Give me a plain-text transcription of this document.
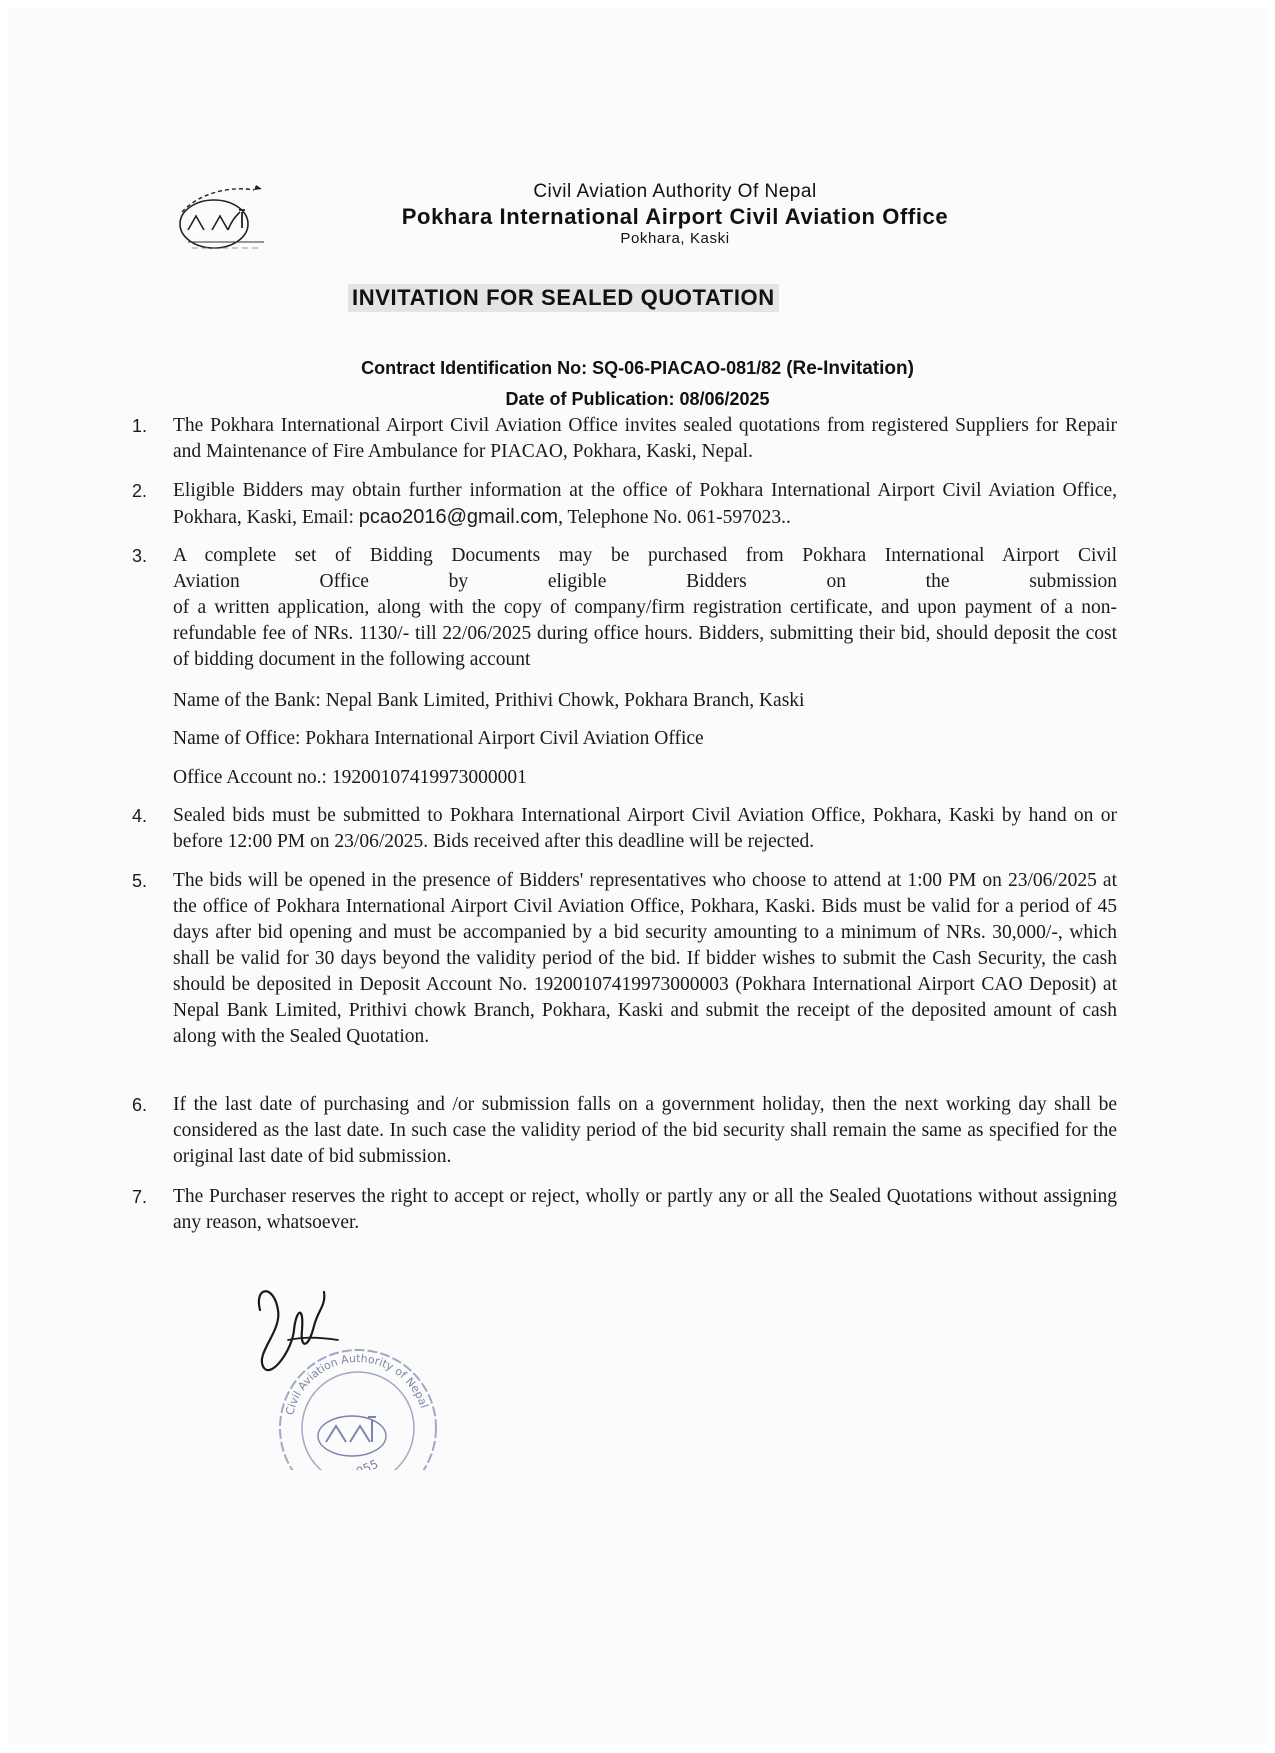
Civil Aviation Authority Of Nepal
Pokhara International Airport Civil Aviation Office
Pokhara, Kaski
INVITATION FOR SEALED QUOTATION
Contract Identification No: SQ-06-PIACAO-081/82 (Re-Invitation)
Date of Publication: 08/06/2025
1. The Pokhara International Airport Civil Aviation Office invites sealed quotations from registered Suppliers for Repair and Maintenance of Fire Ambulance for PIACAO, Pokhara, Kaski, Nepal.
2. Eligible Bidders may obtain further information at the office of Pokhara International Airport Civil Aviation Office, Pokhara, Kaski, Email: pcao2016@gmail.com, Telephone No. 061-597023..
3. A complete set of Bidding Documents may be purchased from Pokhara International Airport Civil
Aviation Office by eligible Bidders on the submission
of a written application, along with the copy of company/firm registration certificate, and upon payment of a non-refundable fee of NRs. 1130/- till 22/06/2025 during office hours. Bidders, submitting their bid, should deposit the cost of bidding document in the following account
Name of the Bank: Nepal Bank Limited, Prithivi Chowk, Pokhara Branch, Kaski
Name of Office: Pokhara International Airport Civil Aviation Office
Office Account no.: 19200107419973000001
4. Sealed bids must be submitted to Pokhara International Airport Civil Aviation Office, Pokhara, Kaski by hand on or before 12:00 PM on 23/06/2025. Bids received after this deadline will be rejected.
5. The bids will be opened in the presence of Bidders' representatives who choose to attend at 1:00 PM on 23/06/2025 at the office of Pokhara International Airport Civil Aviation Office, Pokhara, Kaski. Bids must be valid for a period of 45 days after bid opening and must be accompanied by a bid security amounting to a minimum of NRs. 30,000/-, which shall be valid for 30 days beyond the validity period of the bid. If bidder wishes to submit the Cash Security, the cash should be deposited in Deposit Account No. 19200107419973000003 (Pokhara International Airport CAO Deposit) at Nepal Bank Limited, Prithivi chowk Branch, Pokhara, Kaski and submit the receipt of the deposited amount of cash along with the Sealed Quotation.
6. If the last date of purchasing and /or submission falls on a government holiday, then the next working day shall be considered as the last date. In such case the validity period of the bid security shall remain the same as specified for the original last date of bid submission.
7. The Purchaser reserves the right to accept or reject, wholly or partly any or all the Sealed Quotations without assigning any reason, whatsoever.
Civil Aviation Authority of Nepal
2055
